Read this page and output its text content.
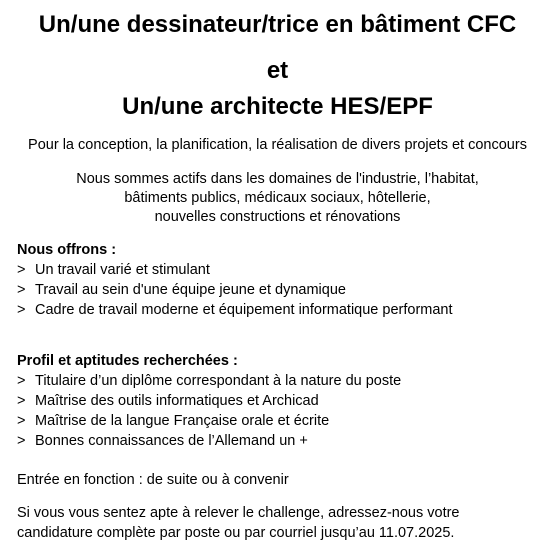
Un/une dessinateur/trice en bâtiment CFC
et
Un/une architecte HES/EPF
Pour la conception, la planification, la réalisation de divers projets et concours
Nous sommes actifs dans les domaines de l'industrie, l’habitat,
bâtiments publics, médicaux sociaux, hôtellerie,
nouvelles constructions et rénovations
Nous offrons :
> Un travail varié et stimulant
> Travail au sein d'une équipe jeune et dynamique
> Cadre de travail moderne et équipement informatique performant
Profil et aptitudes recherchées :
> Titulaire d’un diplôme correspondant à la nature du poste
> Maîtrise des outils informatiques et Archicad
> Maîtrise de la langue Française orale et écrite
> Bonnes connaissances de l’Allemand un +
Entrée en fonction : de suite ou à convenir
Si vous vous sentez apte à relever le challenge, adressez-nous votre
candidature complète par poste ou par courriel jusqu’au 11.07.2025.
